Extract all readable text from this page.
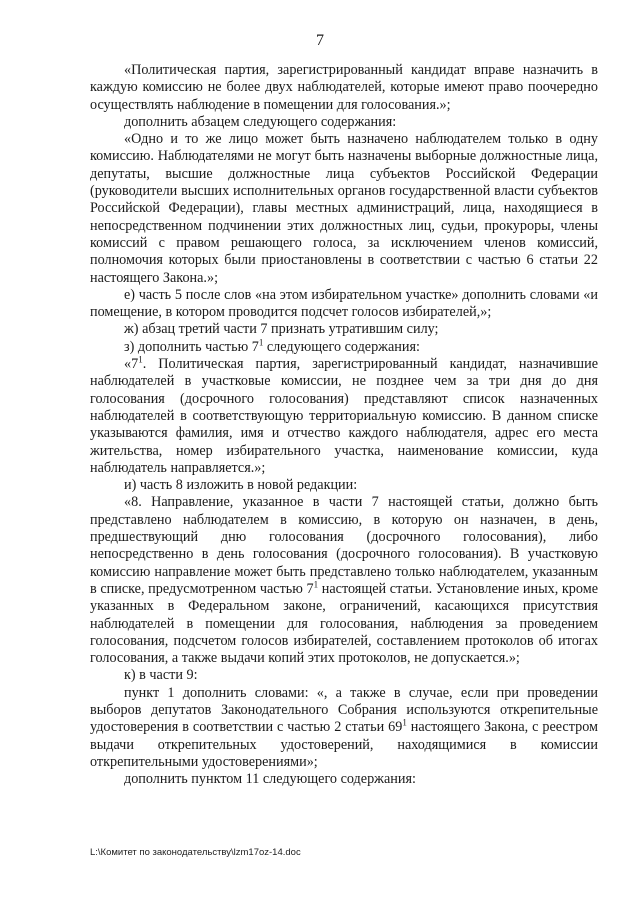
7

«Политическая партия, зарегистрированный кандидат вправе назначить в каждую комиссию не более двух наблюдателей, которые имеют право поочередно осуществлять наблюдение в помещении для голосования.»;

дополнить абзацем следующего содержания:

«Одно и то же лицо может быть назначено наблюдателем только в одну комиссию. Наблюдателями не могут быть назначены выборные должностные лица, депутаты, высшие должностные лица субъектов Российской Федерации (руководители высших исполнительных органов государственной власти субъектов Российской Федерации), главы местных администраций, лица, находящиеся в непосредственном подчинении этих должностных лиц, судьи, прокуроры, члены комиссий с правом решающего голоса, за исключением членов комиссий, полномочия которых были приостановлены в соответствии с частью 6 статьи 22 настоящего Закона.»;

е) часть 5 после слов «на этом избирательном участке» дополнить словами «и помещение, в котором проводится подсчет голосов избирателей,»;

ж) абзац третий части 7 признать утратившим силу;

з) дополнить частью $7^1$ следующего содержания:

«$7^1$. Политическая партия, зарегистрированный кандидат, назначившие наблюдателей в участковые комиссии, не позднее чем за три дня до дня голосования (досрочного голосования) представляют список назначенных наблюдателей в соответствующую территориальную комиссию. В данном списке указываются фамилия, имя и отчество каждого наблюдателя, адрес его места жительства, номер избирательного участка, наименование комиссии, куда наблюдатель направляется.»;

и) часть 8 изложить в новой редакции:

«8. Направление, указанное в части 7 настоящей статьи, должно быть представлено наблюдателем в комиссию, в которую он назначен, в день, предшествующий дню голосования (досрочного голосования), либо непосредственно в день голосования (досрочного голосования). В участковую комиссию направление может быть представлено только наблюдателем, указанным в списке, предусмотренном частью $7^1$ настоящей статьи. Установление иных, кроме указанных в Федеральном законе, ограничений, касающихся присутствия наблюдателей в помещении для голосования, наблюдения за проведением голосования, подсчетом голосов избирателей, составлением протоколов об итогах голосования, а также выдачи копий этих протоколов, не допускается.»;

к) в части 9:

пункт 1 дополнить словами: «, а также в случае, если при проведении выборов депутатов Законодательного Собрания используются открепительные удостоверения в соответствии с частью 2 статьи $69^1$ настоящего Закона, с реестром выдачи открепительных удостоверений, находящимися в комиссии открепительными удостоверениями»;

дополнить пунктом 11 следующего содержания:

L:\Комитет по законодательству\lzm17oz-14.doc
